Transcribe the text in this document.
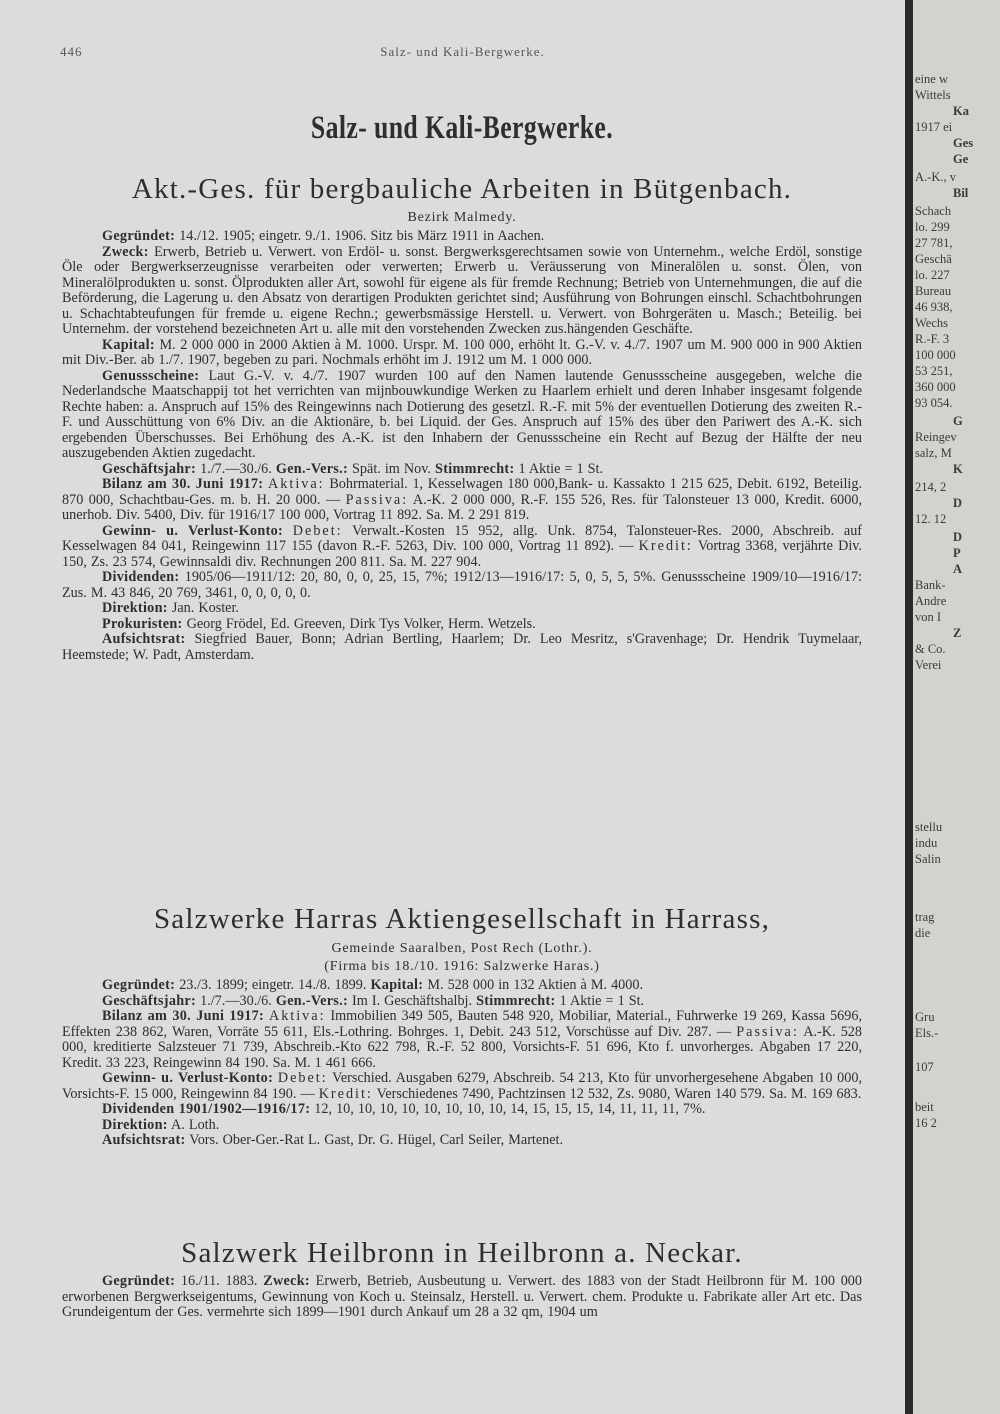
446	Salz- und Kali-Bergwerke.
Salz- und Kali-Bergwerke.
Akt.-Ges. für bergbauliche Arbeiten in Bütgenbach.
Bezirk Malmedy.

Gegründet: 14./12. 1905; eingetr. 9./1. 1906. Sitz bis März 1911 in Aachen.

Zweck: Erwerb, Betrieb u. Verwert. von Erdöl- u. sonst. Bergwerksgerechtsamen sowie von Unternehm., welche Erdöl, sonstige Öle oder Bergwerkserzeugnisse verarbeiten oder verwerten; Erwerb u. Veräusserung von Mineralölen u. sonst. Ölen, von Mineralölprodukten u. sonst. Ölprodukten aller Art, sowohl für eigene als für fremde Rechnung; Betrieb von Unternehmungen, die auf die Beförderung, die Lagerung u. den Absatz von derartigen Produkten gerichtet sind; Ausführung von Bohrungen einschl. Schachtbohrungen u. Schachtabteufungen für fremde u. eigene Rechn.; gewerbsmässige Herstell. u. Verwert. von Bohrgeräten u. Masch.; Beteilig. bei Unternehm. der vorstehend bezeichneten Art u. alle mit den vorstehenden Zwecken zus.hängenden Geschäfte.

Kapital: M. 2 000 000 in 2000 Aktien à M. 1000. Urspr. M. 100 000, erhöht lt. G.-V. v. 4./7. 1907 um M. 900 000 in 900 Aktien mit Div.-Ber. ab 1./7. 1907, begeben zu pari. Nochmals erhöht im J. 1912 um M. 1 000 000.

Genussscheine: Laut G.-V. v. 4./7. 1907 wurden 100 auf den Namen lautende Genussscheine ausgegeben, welche die Nederlandsche Maatschappij tot het verrichten van mijnbouwkundige Werken zu Haarlem erhielt und deren Inhaber insgesamt folgende Rechte haben: a. Anspruch auf 15% des Reingewinns nach Dotierung des gesetzl. R.-F. mit 5% der eventuellen Dotierung des zweiten R.-F. und Ausschüttung von 6% Div. an die Aktionäre, b. bei Liquid. der Ges. Anspruch auf 15% des über den Pariwert des A.-K. sich ergebenden Überschusses. Bei Erhöhung des A.-K. ist den Inhabern der Genussscheine ein Recht auf Bezug der Hälfte der neu auszugebenden Aktien zugedacht.

Geschäftsjahr: 1./7.—30./6. Gen.-Vers.: Spät. im Nov. Stimmrecht: 1 Aktie = 1 St.

Bilanz am 30. Juni 1917: Aktiva: Bohrmaterial. 1, Kesselwagen 180 000,Bank- u. Kassakto 1 215 625, Debit. 6192, Beteilig. 870 000, Schachtbau-Ges. m. b. H. 20 000. — Passiva: A.-K. 2 000 000, R.-F. 155 526, Res. für Talonsteuer 13 000, Kredit. 6000, unerhob. Div. 5400, Div. für 1916/17 100 000, Vortrag 11 892. Sa. M. 2 291 819.

Gewinn- u. Verlust-Konto: Debet: Verwalt.-Kosten 15 952, allg. Unk. 8754, Talonsteuer-Res. 2000, Abschreib. auf Kesselwagen 84 041, Reingewinn 117 155 (davon R.-F. 5263, Div. 100 000, Vortrag 11 892). — Kredit: Vortrag 3368, verjährte Div. 150, Zs. 23 574, Gewinnsaldi div. Rechnungen 200 811. Sa. M. 227 904.

Dividenden: 1905/06—1911/12: 20, 80, 0, 0, 25, 15, 7%; 1912/13—1916/17: 5, 0, 5, 5, 5%. Genussscheine 1909/10—1916/17: Zus. M. 43 846, 20 769, 3461, 0, 0, 0, 0, 0.

Direktion: Jan. Koster.

Prokuristen: Georg Frödel, Ed. Greeven, Dirk Tys Volker, Herm. Wetzels.

Aufsichtsrat: Siegfried Bauer, Bonn; Adrian Bertling, Haarlem; Dr. Leo Mesritz, s'Gravenhage; Dr. Hendrik Tuymelaar, Heemstede; W. Padt, Amsterdam.

Salzwerke Harras Aktiengesellschaft in Harrass,
Gemeinde Saaralben, Post Rech (Lothr.).
(Firma bis 18./10. 1916: Salzwerke Haras.)

Gegründet: 23./3. 1899; eingetr. 14./8. 1899. Kapital: M. 528 000 in 132 Aktien à M. 4000.

Geschäftsjahr: 1./7.—30./6. Gen.-Vers.: Im I. Geschäftshalbj. Stimmrecht: 1 Aktie = 1 St.

Bilanz am 30. Juni 1917: Aktiva: Immobilien 349 505, Bauten 548 920, Mobiliar, Material., Fuhrwerke 19 269, Kassa 5696, Effekten 238 862, Waren, Vorräte 55 611, Els.-Lothring. Bohrges. 1, Debit. 243 512, Vorschüsse auf Div. 287. — Passiva: A.-K. 528 000, kreditierte Salzsteuer 71 739, Abschreib.-Kto 622 798, R.-F. 52 800, Vorsichts-F. 51 696, Kto f. unvorherges. Abgaben 17 220, Kredit. 33 223, Reingewinn 84 190. Sa. M. 1 461 666.

Gewinn- u. Verlust-Konto: Debet: Verschied. Ausgaben 6279, Abschreib. 54 213, Kto für unvorhergesehene Abgaben 10 000, Vorsichts-F. 15 000, Reingewinn 84 190. — Kredit: Verschiedenes 7490, Pachtzinsen 12 532, Zs. 9080, Waren 140 579. Sa. M. 169 683.

Dividenden 1901/1902—1916/17: 12, 10, 10, 10, 10, 10, 10, 10, 10, 14, 15, 15, 15, 14, 11, 11, 11, 7%.

Direktion: A. Loth.

Aufsichtsrat: Vors. Ober-Ger.-Rat L. Gast, Dr. G. Hügel, Carl Seiler, Martenet.

Salzwerk Heilbronn in Heilbronn a. Neckar.

Gegründet: 16./11. 1883. Zweck: Erwerb, Betrieb, Ausbeutung u. Verwert. des 1883 von der Stadt Heilbronn für M. 100 000 erworbenen Bergwerkseigentums, Gewinnung von Koch u. Steinsalz, Herstell. u. Verwert. chem. Produkte u. Fabrikate aller Art etc. Das Grundeigentum der Ges. vermehrte sich 1899—1901 durch Ankauf um 28 a 32 qm, 1904 um

eine w
Wittels
Ka
1917 ei
Ges
Ge
A.-K., v
Bil
Schach
lo. 299
27 781,
Geschä
lo. 227
Bureau
46 938,
Wechs
R.-F. 3
100 000
53 251,
360 000
93 054.
G
Reingev
salz, M
K
214, 2
D
12. 12
D
P
A
Bank-
Andre
von I
Z
& Co.
Verei
stellu
indu
Salin
trag
die
Gru
Els.-
107
beit
16 2
